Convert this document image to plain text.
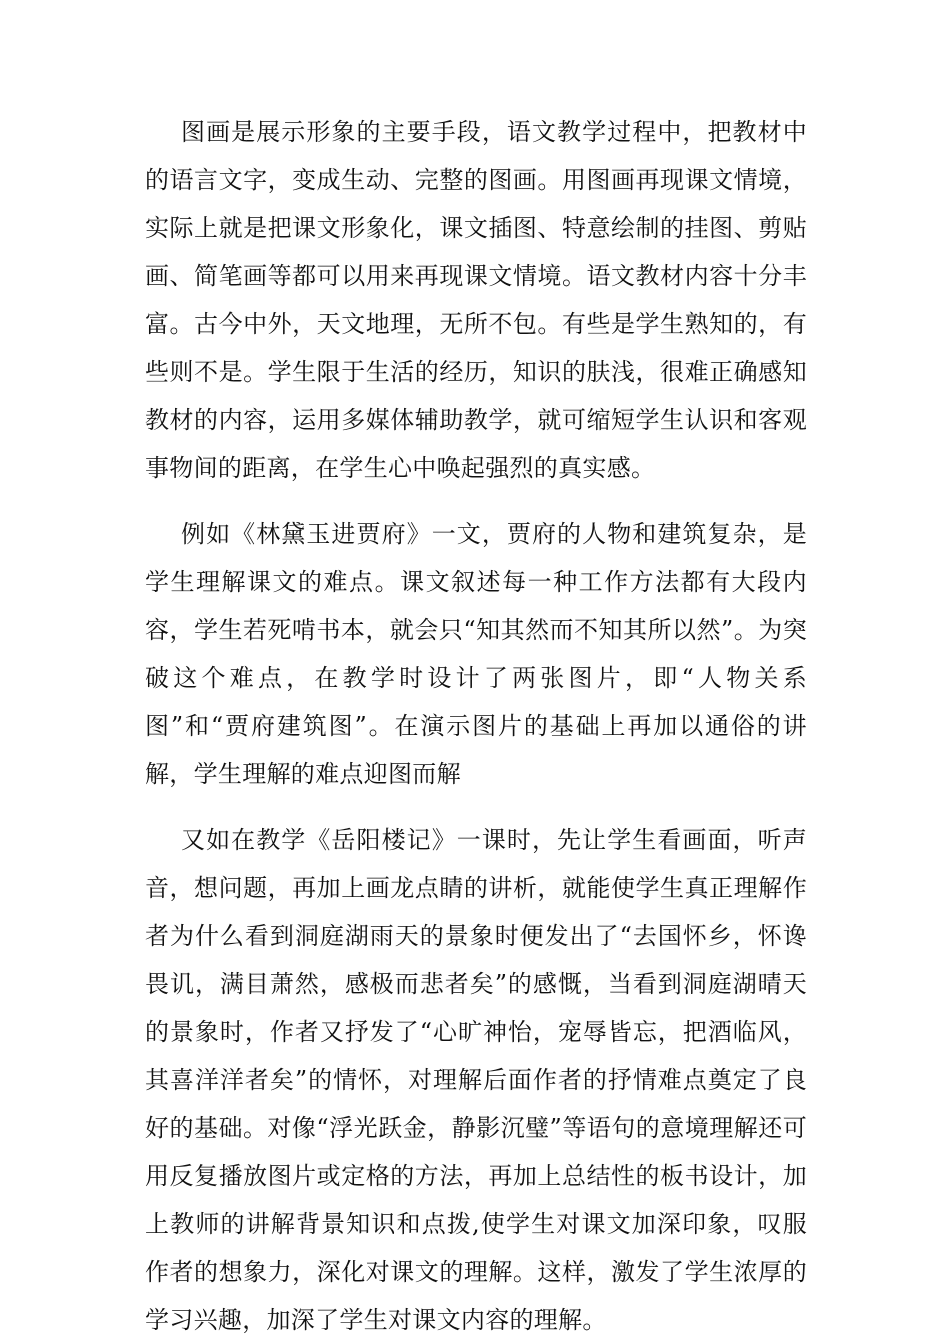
图画是展示形象的主要手段，语文教学过程中，把教材中的语言文字，变成生动、完整的图画。用图画再现课文情境，实际上就是把课文形象化，课文插图、特意绘制的挂图、剪贴画、简笔画等都可以用来再现课文情境。语文教材内容十分丰富。古今中外，天文地理，无所不包。有些是学生熟知的，有些则不是。学生限于生活的经历，知识的肤浅，很难正确感知教材的内容，运用多媒体辅助教学，就可缩短学生认识和客观事物间的距离，在学生心中唤起强烈的真实感。

例如《林黛玉进贾府》一文，贾府的人物和建筑复杂，是学生理解课文的难点。课文叙述每一种工作方法都有大段内容，学生若死啃书本，就会只“知其然而不知其所以然”。为突破这个难点，在教学时设计了两张图片，即“人物关系图”和“贾府建筑图”。在演示图片的基础上再加以通俗的讲解，学生理解的难点迎图而解

又如在教学《岳阳楼记》一课时，先让学生看画面，听声音，想问题，再加上画龙点睛的讲析，就能使学生真正理解作者为什么看到洞庭湖雨天的景象时便发出了“去国怀乡，怀谗畏讥，满目萧然，感极而悲者矣”的感慨，当看到洞庭湖晴天的景象时，作者又抒发了“心旷神怡，宠辱皆忘，把酒临风，其喜洋洋者矣”的情怀，对理解后面作者的抒情难点奠定了良好的基础。对像“浮光跃金，静影沉璧”等语句的意境理解还可用反复播放图片或定格的方法，再加上总结性的板书设计，加上教师的讲解背景知识和点拨,使学生对课文加深印象，叹服作者的想象力，深化对课文的理解。这样，激发了学生浓厚的学习兴趣，加深了学生对课文内容的理解。
